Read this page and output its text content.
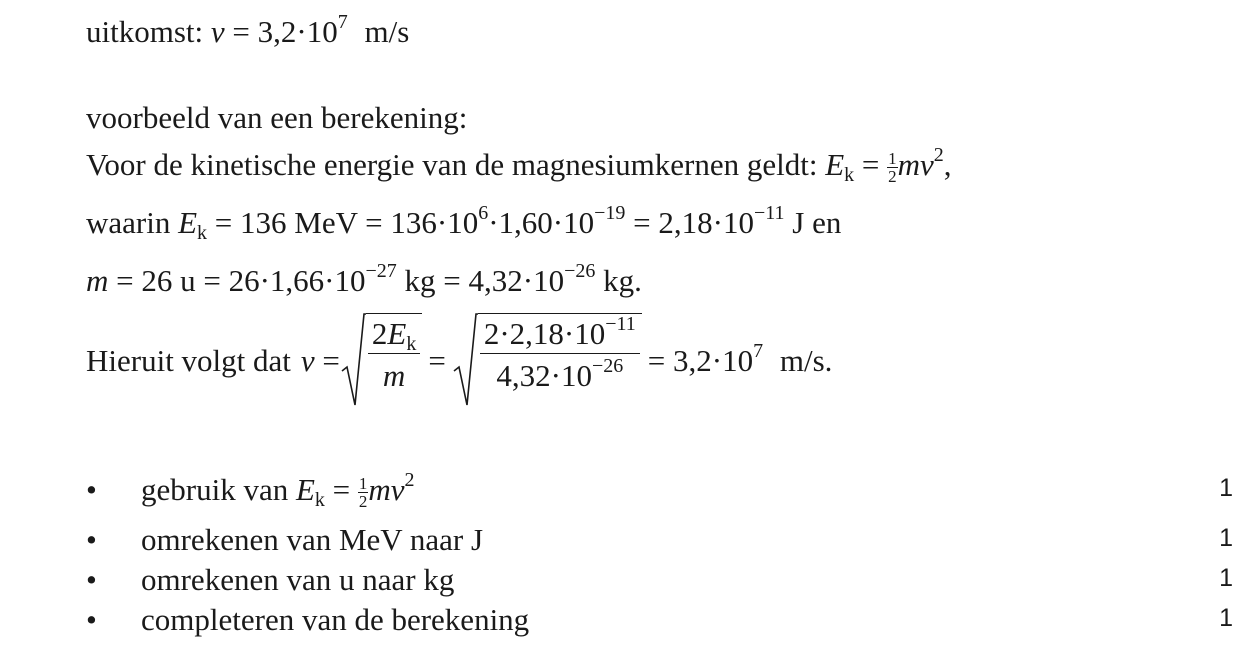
uitkomst: $v = 3,2\cdot 10^7$ m/s
voorbeeld van een berekening:
Voor de kinetische energie van de magnesiumkernen geldt: $E_k = \frac{1}{2} mv^2$,
waarin $E_k = 136$ MeV = $136\cdot 10^6\cdot 1,60\cdot 10^{-19} = 2,18\cdot 10^{-11}$ J en
m = 26 $u = 26\cdot 1,66\cdot 10^{-27}$ kg = $4,32\cdot 10^{-26}$ kg.
Hieruit volgt dat $v = \frac{2E_k}{m} = \frac{2\cdot 2,18\cdot 10^{-11}}{4,32\cdot 10^{-26}} = 3,2\cdot 10^7$ m/s.
• gebruik van $E_k = \frac{1}{2} mv^2$	1
• omrekenen van MeV naar J	1
• omrekenen van u naar kg	1
• completeren van de berekening	1
